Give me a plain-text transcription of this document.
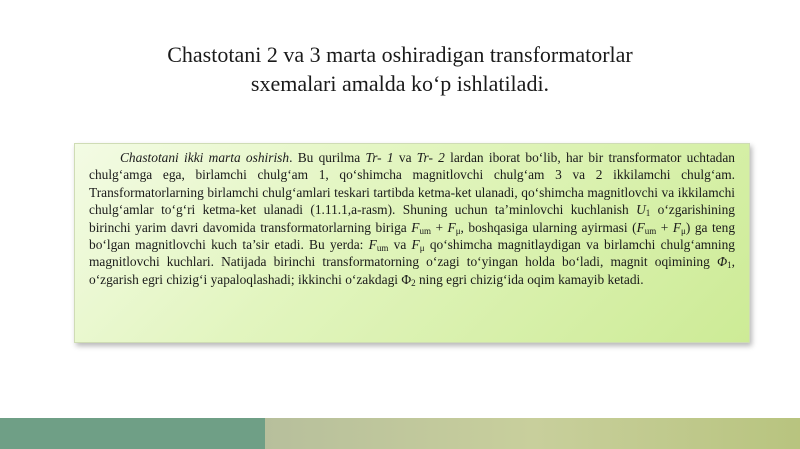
Chastotani 2 va 3 marta oshiradigan transformatorlar
sxemalari amalda ko‘p ishlatiladi.

Chastotani ikki marta oshirish. Bu qurilma Tr- 1 va Tr- 2 lardan iborat bo‘lib, har bir transformator uchtadan chulg‘amga ega, birlamchi chulg‘am 1, qo‘shimcha magnitlovchi chulg‘am 3 va 2 ikkilamchi chulg‘am. Transformatorlarning birlamchi chulg‘amlari teskari tartibda ketma-ket ulanadi, qo‘shimcha magnitlovchi va ikkilamchi chulg‘amlar to‘g‘ri ketma-ket ulanadi (1.11.1,a-rasm). Shuning uchun ta’minlovchi kuchlanish $U_1$ o‘zgarishining birinchi yarim davri davomida transformatorlarning biriga $F_{um} + F_\mu$, boshqasiga ularning ayirmasi $(F_{um} + F_\mu)$ ga teng bo‘lgan magnitlovchi kuch ta’sir etadi. Bu yerda: $F_{um}$ va $F_\mu$ qo‘shimcha magnitlaydigan va birlamchi chulg‘amning magnitlovchi kuchlari. Natijada birinchi transformatorning o‘zagi to‘yingan holda bo‘ladi, magnit oqimining $\Phi_1$, o‘zgarish egri chizig‘i yapaloqlashadi; ikkinchi o‘zakdagi $\Phi_2$ ning egri chizig‘ida oqim kamayib ketadi.
